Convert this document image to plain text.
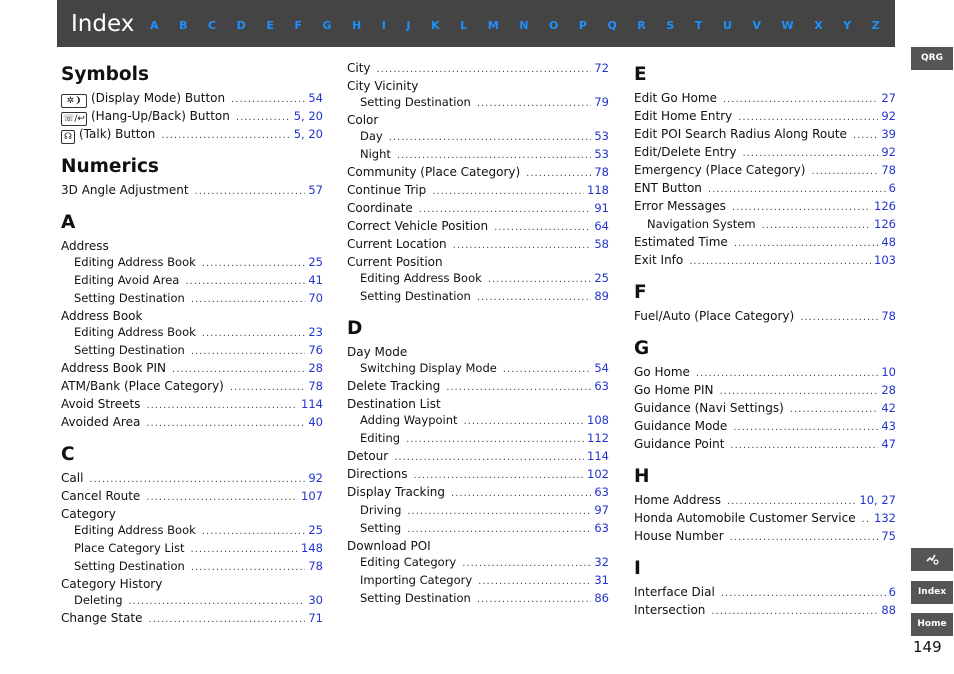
Index A B C D E F G H I J K L M N O P Q R S T U V W X Y Z
Symbols
✲❩ (Display Mode) Button .....	54
☏/↩ (Hang-Up/Back) Button .....	5, 20
☊ (Talk) Button .....	5, 20
Numerics
3D Angle Adjustment .....	57
A
Address
Editing Address Book .....	25
Editing Avoid Area .....	41
Setting Destination .....	70
Address Book
Editing Address Book .....	23
Setting Destination .....	76
Address Book PIN .....	28
ATM/Bank (Place Category) .....	78
Avoid Streets .....	114
Avoided Area .....	40
C
Call .....	92
Cancel Route .....	107
Category
Editing Address Book .....	25
Place Category List .....	148
Setting Destination .....	78
Category History
Deleting .....	30
Change State .....	71
City .....	72
City Vicinity
Setting Destination .....	79
Color
Day .....	53
Night .....	53
Community (Place Category) .....	78
Continue Trip .....	118
Coordinate .....	91
Correct Vehicle Position .....	64
Current Location .....	58
Current Position
Editing Address Book .....	25
Setting Destination .....	89
D
Day Mode
Switching Display Mode .....	54
Delete Tracking .....	63
Destination List
Adding Waypoint .....	108
Editing .....	112
Detour .....	114
Directions .....	102
Display Tracking .....	63
Driving .....	97
Setting .....	63
Download POI
Editing Category .....	32
Importing Category .....	31
Setting Destination .....	86
E
Edit Go Home .....	27
Edit Home Entry .....	92
Edit POI Search Radius Along Route .....	39
Edit/Delete Entry .....	92
Emergency (Place Category) .....	78
ENT Button .....	6
Error Messages .....	126
Navigation System .....	126
Estimated Time .....	48
Exit Info .....	103
F
Fuel/Auto (Place Category) .....	78
G
Go Home .....	10
Go Home PIN .....	28
Guidance (Navi Settings) .....	42
Guidance Mode .....	43
Guidance Point .....	47
H
Home Address .....	10, 27
Honda Automobile Customer Service ..... 132
House Number .....	75
I
Interface Dial .....	6
Intersection .....	88
QRG
Index
Home
149
